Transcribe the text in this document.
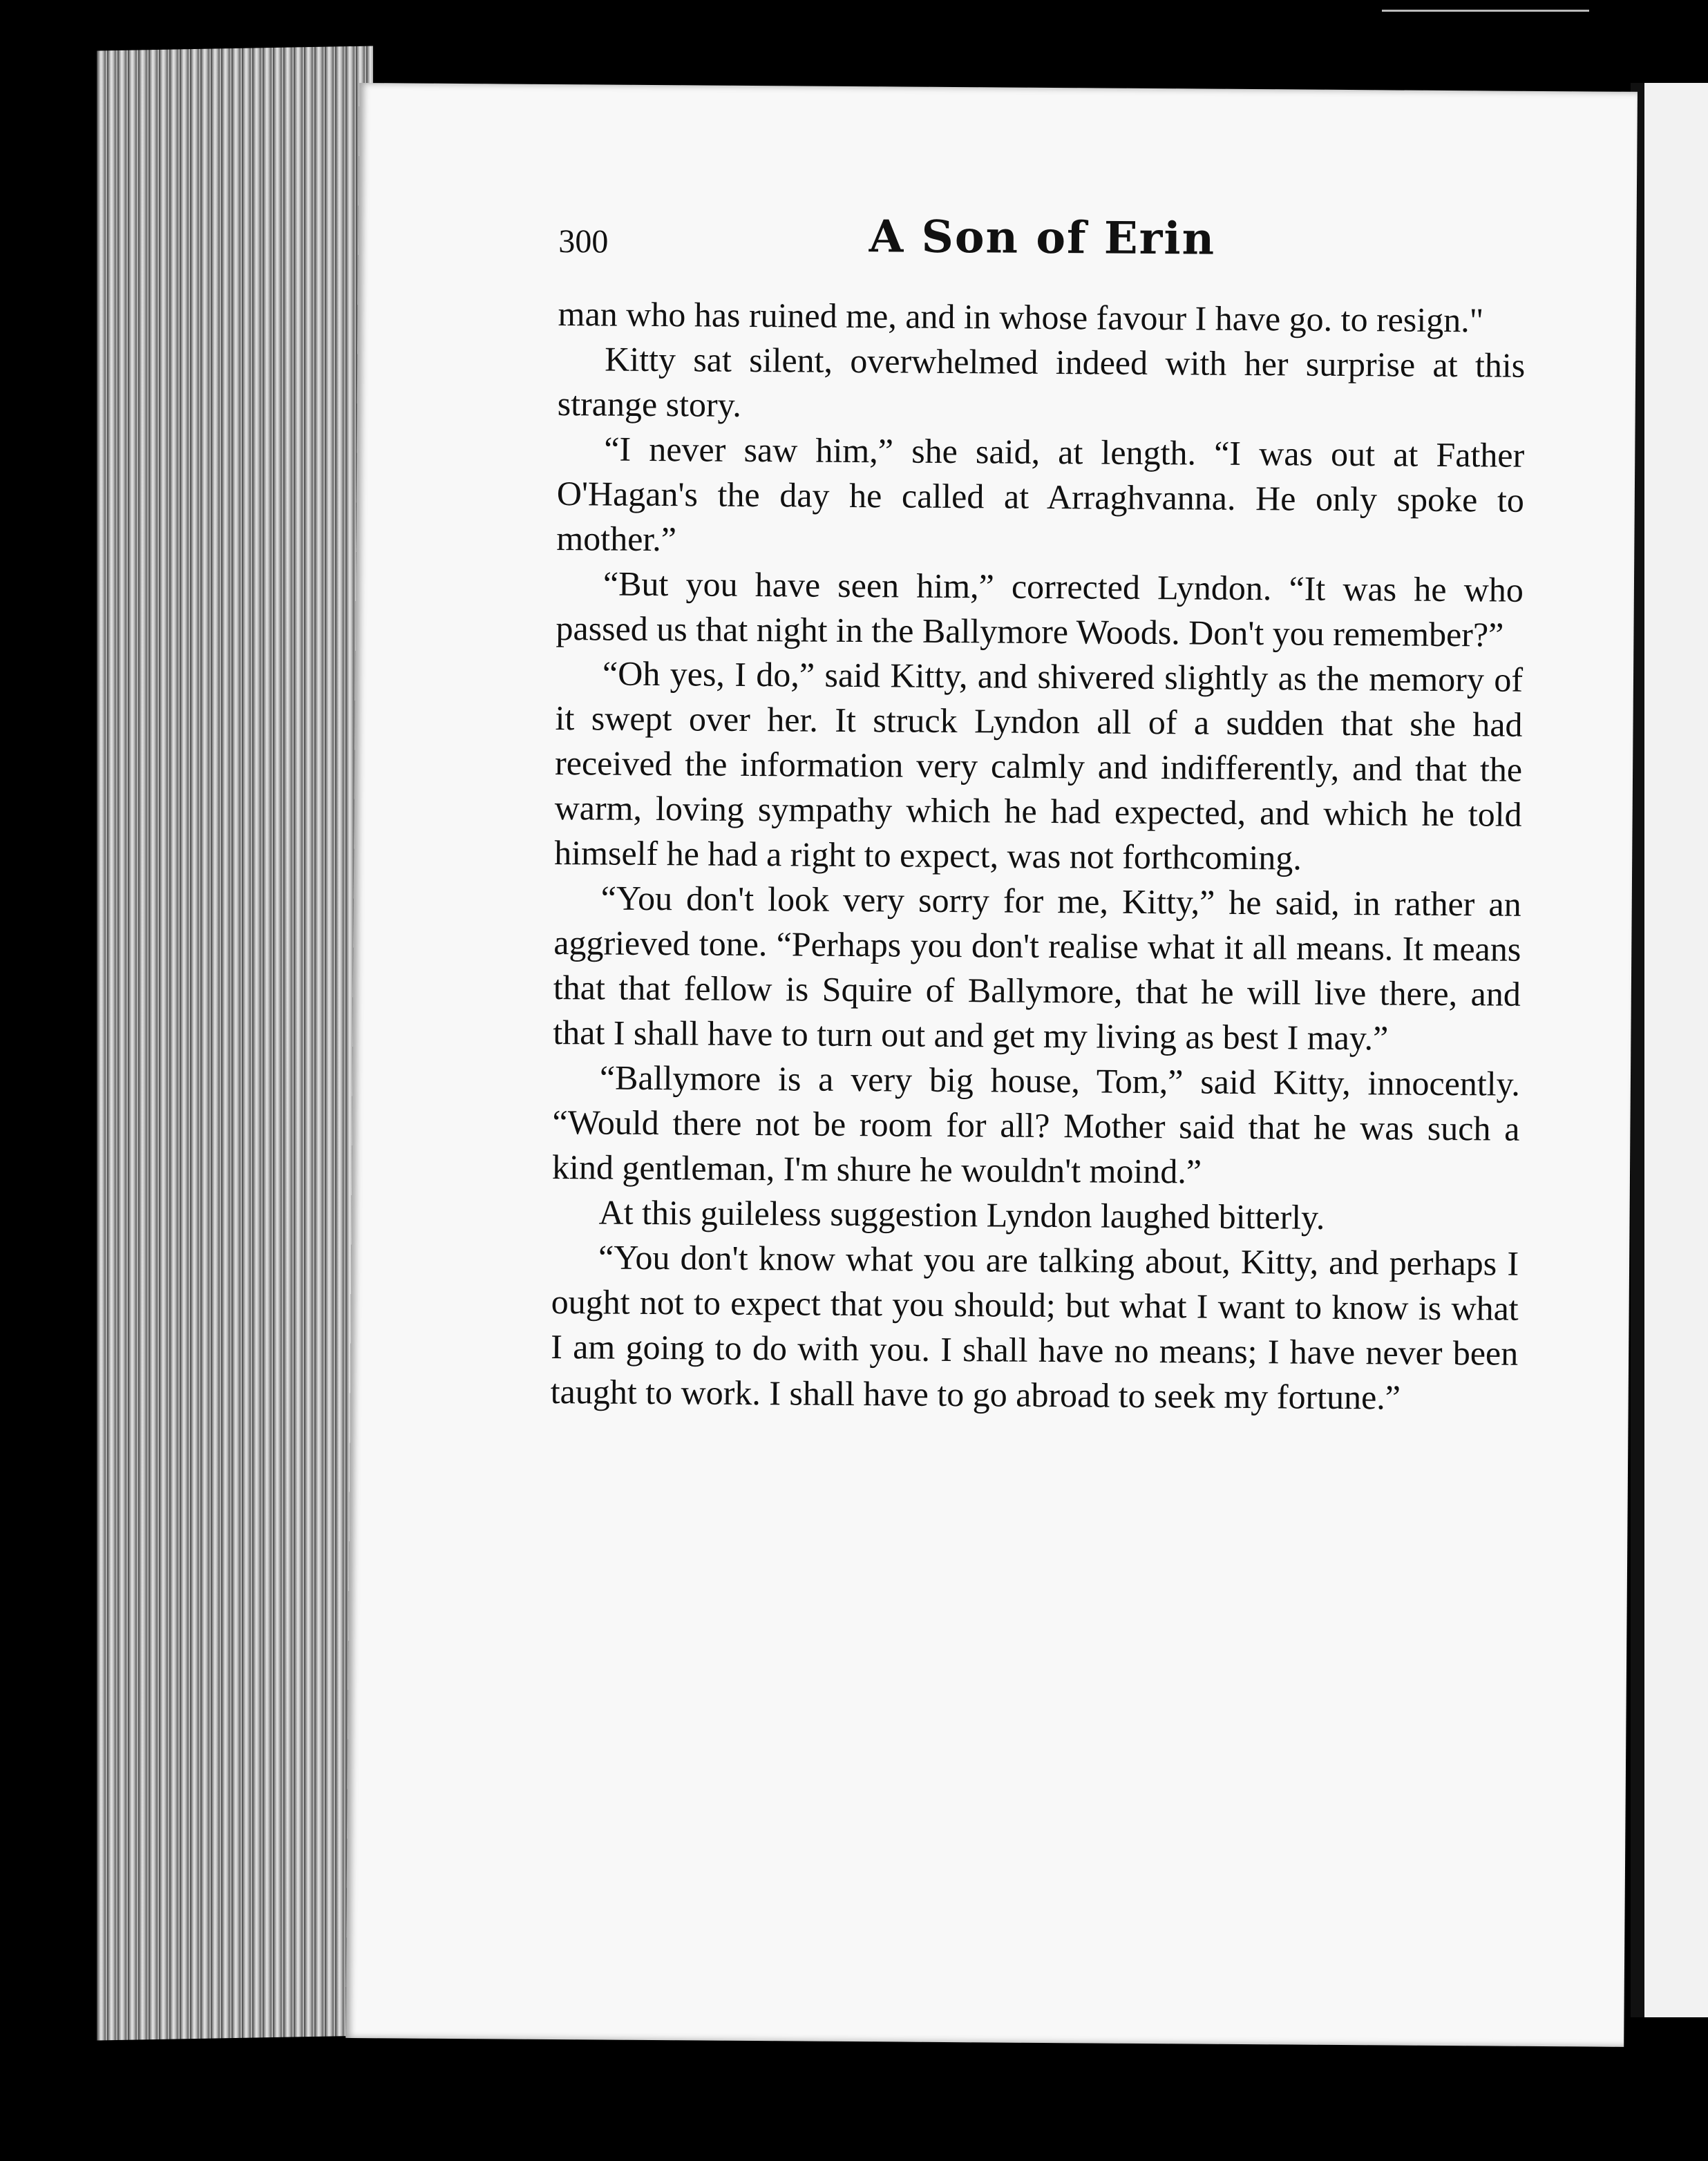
300	A Son of Erin

man who has ruined me, and in whose favour I have go. to resign."

Kitty sat silent, overwhelmed indeed with her surprise at this strange story.

“I never saw him,” she said, at length. “I was out at Father O'Hagan's the day he called at Arraghvanna. He only spoke to mother.”

“But you have seen him,” corrected Lyndon. “It was he who passed us that night in the Ballymore Woods. Don't you remember?”

“Oh yes, I do,” said Kitty, and shivered slightly as the memory of it swept over her. It struck Lyndon all of a sudden that she had received the information very calmly and indifferently, and that the warm, loving sympathy which he had expected, and which he told himself he had a right to expect, was not forthcoming.

“You don't look very sorry for me, Kitty,” he said, in rather an aggrieved tone. “Perhaps you don't realise what it all means. It means that that fellow is Squire of Ballymore, that he will live there, and that I shall have to turn out and get my living as best I may.”

“Ballymore is a very big house, Tom,” said Kitty, innocently. “Would there not be room for all? Mother said that he was such a kind gentleman, I'm shure he wouldn't moind.”

At this guileless suggestion Lyndon laughed bitterly.

“You don't know what you are talking about, Kitty, and perhaps I ought not to expect that you should; but what I want to know is what I am going to do with you. I shall have no means; I have never been taught to work. I shall have to go abroad to seek my fortune.”
